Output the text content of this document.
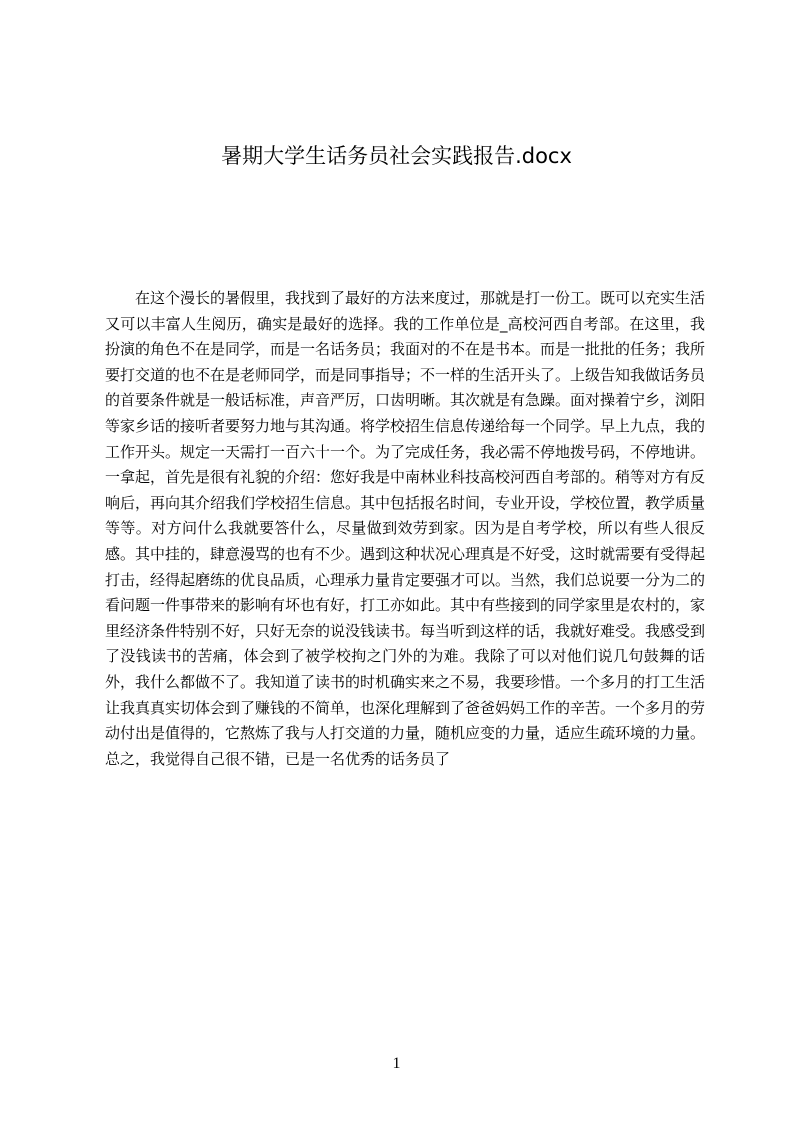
暑期大学生话务员社会实践报告.docx

在这个漫长的暑假里，我找到了最好的方法来度过，那就是打一份工。既可以充实生活又可以丰富人生阅历，确实是最好的选择。我的工作单位是_高校河西自考部。在这里，我扮演的角色不在是同学，而是一名话务员；我面对的不在是书本。而是一批批的任务；我所要打交道的也不在是老师同学，而是同事指导；不一样的生活开头了。上级告知我做话务员的首要条件就是一般话标准，声音严厉，口齿明晰。其次就是有急躁。面对操着宁乡，浏阳等家乡话的接听者要努力地与其沟通。将学校招生信息传递给每一个同学。早上九点，我的工作开头。规定一天需打一百六十一个。为了完成任务，我必需不停地拨号码，不停地讲。一拿起，首先是很有礼貌的介绍：您好我是中南林业科技高校河西自考部的。稍等对方有反响后，再向其介绍我们学校招生信息。其中包括报名时间，专业开设，学校位置，教学质量等等。对方问什么我就要答什么，尽量做到效劳到家。因为是自考学校，所以有些人很反感。其中挂的，肆意漫骂的也有不少。遇到这种状况心理真是不好受，这时就需要有受得起打击，经得起磨练的优良品质，心理承力量肯定要强才可以。当然，我们总说要一分为二的看问题一件事带来的影响有坏也有好，打工亦如此。其中有些接到的同学家里是农村的，家里经济条件特别不好，只好无奈的说没钱读书。每当听到这样的话，我就好难受。我感受到了没钱读书的苦痛，体会到了被学校拘之门外的为难。我除了可以对他们说几句鼓舞的话外，我什么都做不了。我知道了读书的时机确实来之不易，我要珍惜。一个多月的打工生活让我真真实切体会到了赚钱的不简单，也深化理解到了爸爸妈妈工作的辛苦。一个多月的劳动付出是值得的，它熬炼了我与人打交道的力量，随机应变的力量，适应生疏环境的力量。总之，我觉得自己很不错，已是一名优秀的话务员了

1
